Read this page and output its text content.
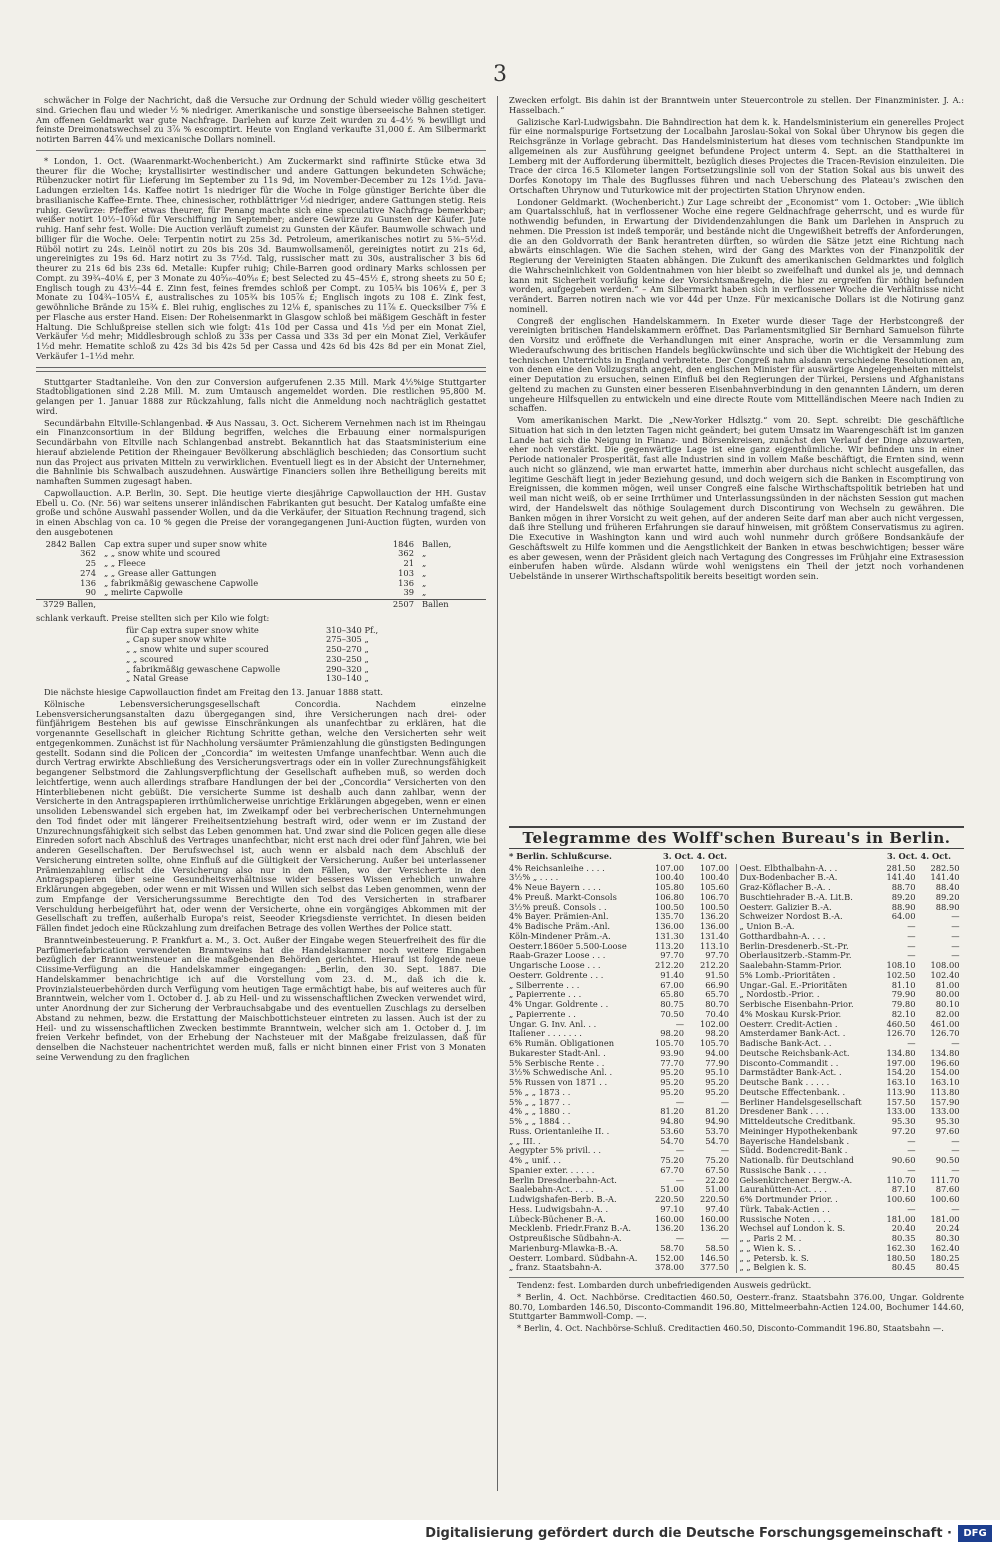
3

schwächer in Folge der Nachricht, daß die Versuche zur Ordnung der Schuld wieder völlig gescheitert sind. Griechen flau und wieder ½ % niedriger. Amerikanische und sonstige überseeische Bahnen stetiger. Am offenen Geldmarkt war gute Nachfrage. Darlehen auf kurze Zeit wurden zu 4–4½ % bewilligt und feinste Dreimonatswechsel zu 3⅞ % escomptirt. Heute von England verkaufte 31,000 £. Am Silbermarkt notirten Barren 44⅞ und mexicanische Dollars nominell.

* London, 1. Oct. (Waarenmarkt-Wochenbericht.) Am Zuckermarkt sind raffinirte Stücke etwa 3d theurer für die Woche; krystallisirter westindischer und andere Gattungen bekundeten Schwäche; Rübenzucker notirt für Lieferung im September zu 11s 9d, im November-December zu 12s 1½d. Java-Ladungen erzielten 14s. Kaffee notirt 1s niedriger für die Woche in Folge günstiger Berichte über die brasilianische Kaffee-Ernte. Thee, chinesischer, rothblättriger ½d niedriger, andere Gattungen stetig. Reis ruhig. Gewürze: Pfeffer etwas theurer, für Penang machte sich eine speculative Nachfrage bemerkbar; weißer notirt 10½–10⅝d für Verschiffung im September; andere Gewürze zu Gunsten der Käufer. Jute ruhig. Hanf sehr fest. Wolle: Die Auction verläuft zumeist zu Gunsten der Käufer. Baumwolle schwach und billiger für die Woche. Oele: Terpentin notirt zu 25s 3d. Petroleum, amerikanisches notirt zu 5⅜–5½d. Rüböl notirt zu 24s. Leinöl notirt zu 20s bis 20s 3d. Baumwollsamenöl, gereinigtes notirt zu 21s 6d, ungereinigtes zu 19s 6d. Harz notirt zu 3s 7½d. Talg, russischer matt zu 30s, australischer 3 bis 6d theurer zu 21s 6d bis 23s 6d. Metalle: Kupfer ruhig; Chile-Barren good ordinary Marks schlossen per Compt. zu 39¾–40⅛ £, per 3 Monate zu 40⁵⁄₁₆–40⁹⁄₁₆ £; best Selected zu 45–45½ £, strong sheets zu 50 £; Englisch tough zu 43½–44 £. Zinn fest, feines fremdes schloß per Compt. zu 105¾ bis 106¼ £, per 3 Monate zu 104¾–105¼ £, australisches zu 105¾ bis 105⅞ £; Englisch ingots zu 108 £. Zink fest, gewöhnliche Brände zu 15¾ £. Blei ruhig, englisches zu 12⅛ £, spanisches zu 11⅞ £. Quecksilber 7⅝ £ per Flasche aus erster Hand. Eisen: Der Roheisenmarkt in Glasgow schloß bei mäßigem Geschäft in fester Haltung. Die Schlußpreise stellen sich wie folgt: 41s 10d per Cassa und 41s ½d per ein Monat Ziel, Verkäufer ½d mehr; Middlesbrough schloß zu 33s per Cassa und 33s 3d per ein Monat Ziel, Verkäufer 1½d mehr. Hematite schloß zu 42s 3d bis 42s 5d per Cassa und 42s 6d bis 42s 8d per ein Monat Ziel, Verkäufer 1–1½d mehr.

Stuttgarter Stadtanleihe. Von den zur Conversion aufgerufenen 2.35 Mill. Mark 4½%ige Stuttgarter Stadtobligationen sind 2.28 Mill. M. zum Umtausch angemeldet worden. Die restlichen 95,800 M. gelangen per 1. Januar 1888 zur Rückzahlung, falls nicht die Anmeldung noch nachträglich gestattet wird.

Secundärbahn Eltville-Schlangenbad. ✠ Aus Nassau, 3. Oct. Sicherem Vernehmen nach ist im Rheingau ein Finanzconsortium in der Bildung begriffen, welches die Erbauung einer normalspurigen Secundärbahn von Eltville nach Schlangenbad anstrebt. Bekanntlich hat das Staatsministerium eine hierauf abzielende Petition der Rheingauer Bevölkerung abschläglich beschieden; das Consortium sucht nun das Project aus privaten Mitteln zu verwirklichen. Eventuell liegt es in der Absicht der Unternehmer, die Bahnlinie bis Schwalbach auszudehnen. Auswärtige Financiers sollen ihre Betheiligung bereits mit namhaften Summen zugesagt haben.

Capwollauction. A.P. Berlin, 30. Sept. Die heutige vierte diesjährige Capwollauction der HH. Gustav Ebell u. Co. (Nr. 56) war seitens unserer inländischen Fabrikanten gut besucht. Der Katalog umfaßte eine große und schöne Auswahl passender Wollen, und da die Verkäufer, der Situation Rechnung tragend, sich in einen Abschlag von ca. 10 % gegen die Preise der vorangegangenen Juni-Auction fügten, wurden von den ausgebotenen

2842 Ballen Cap extra super und super snow white	1846 Ballen,
362 „ „ snow white und scoured	362 „
25 „ „ Fleece	21 „
274 „ „ Grease aller Gattungen	103 „
136 „ fabrikmäßig gewaschene Capwolle	136 „
90 „ melirte Capwolle	39 „
3729 Ballen,	2507 Ballen

schlank verkauft. Preise stellten sich per Kilo wie folgt:

für Cap extra super snow white	310–340 Pf.,
„ Cap super snow white	275–305 „
„ „ snow white und super scoured	250–270 „
„ „ scoured	230–250 „
„ fabrikmäßig gewaschene Capwolle	290–320 „
„ Natal Grease	130–140 „

Die nächste hiesige Capwollauction findet am Freitag den 13. Januar 1888 statt.

Kölnische Lebensversicherungsgesellschaft Concordia. Nachdem einzelne Lebensversicherungsanstalten dazu übergegangen sind, ihre Versicherungen nach drei- oder fünfjährigem Bestehen bis auf gewisse Einschränkungen als unanfechtbar zu erklären, hat die vorgenannte Gesellschaft in gleicher Richtung Schritte gethan, welche den Versicherten sehr weit entgegenkommen. Zunächst ist für Nachholung versäumter Prämienzahlung die günstigsten Bedingungen gestellt. Sodann sind die Policen der „Concordia“ im weitesten Umfange unanfechtbar. Wenn auch die durch Vertrag erwirkte Abschließung des Versicherungsvertrags oder ein in voller Zurechnungsfähigkeit begangener Selbstmord die Zahlungsverpflichtung der Gesellschaft aufheben muß, so werden doch leichtfertige, wenn auch allerdings strafbare Handlungen der bei der „Concordia“ Versicherten von den Hinterbliebenen nicht gebüßt. Die versicherte Summe ist deshalb auch dann zahlbar, wenn der Versicherte in den Antragspapieren irrthümlicherweise unrichtige Erklärungen abgegeben, wenn er einen unsoliden Lebenswandel sich ergeben hat, im Zweikampf oder bei verbrecherischen Unternehmungen den Tod findet oder mit längerer Freiheitsentziehung bestraft wird, oder wenn er im Zustand der Unzurechnungsfähigkeit sich selbst das Leben genommen hat. Und zwar sind die Policen gegen alle diese Einreden sofort nach Abschluß des Vertrages unanfechtbar, nicht erst nach drei oder fünf Jahren, wie bei anderen Gesellschaften. Der Berufswechsel ist, auch wenn er alsbald nach dem Abschluß der Versicherung eintreten sollte, ohne Einfluß auf die Gültigkeit der Versicherung. Außer bei unterlassener Prämienzahlung erlischt die Versicherung also nur in den Fällen, wo der Versicherte in den Antragspapieren über seine Gesundheitsverhältnisse wider besseres Wissen erheblich unwahre Erklärungen abgegeben, oder wenn er mit Wissen und Willen sich selbst das Leben genommen, wenn der zum Empfange der Versicherungssumme Berechtigte den Tod des Versicherten in strafbarer Verschuldung herbeigeführt hat, oder wenn der Versicherte, ohne ein vorgängiges Abkommen mit der Gesellschaft zu treffen, außerhalb Europa's reist, Seeoder Kriegsdienste verrichtet. In diesen beiden Fällen findet jedoch eine Rückzahlung zum dreifachen Betrage des vollen Werthes der Police statt.

Branntweinbesteuerung. P. Frankfurt a. M., 3. Oct. Außer der Eingabe wegen Steuerfreiheit des für die Parfümeriefabrication verwendeten Branntweins hat die Handelskammer noch weitere Eingaben bezüglich der Branntweinsteuer an die maßgebenden Behörden gerichtet. Hierauf ist folgende neue Ciissime-Verfügung an die Handelskammer eingegangen: „Berlin, den 30. Sept. 1887. Die Handelskammer benachrichtige ich auf die Vorstellung vom 23. d. M., daß ich die k. Provinzialsteuerbehörden durch Verfügung vom heutigen Tage ermächtigt habe, bis auf weiteres auch für Branntwein, welcher vom 1. October d. J. ab zu Heil- und zu wissenschaftlichen Zwecken verwendet wird, unter Anordnung der zur Sicherung der Verbrauchsabgabe und des eventuellen Zuschlags zu derselben Abstand zu nehmen, bezw. die Erstattung der Maischbottichsteuer eintreten zu lassen. Auch ist der zu Heil- und zu wissenschaftlichen Zwecken bestimmte Branntwein, welcher sich am 1. October d. J. im freien Verkehr befindet, von der Erhebung der Nachsteuer mit der Maßgabe freizulassen, daß für denselben die Nachsteuer nachentrichtet werden muß, falls er nicht binnen einer Frist von 3 Monaten seine Verwendung zu den fraglichen

Zwecken erfolgt. Bis dahin ist der Branntwein unter Steuercontrole zu stellen. Der Finanzminister. J. A.: Hasselbach.“

Galizische Karl-Ludwigsbahn. Die Bahndirection hat dem k. k. Handelsministerium ein generelles Project für eine normalspurige Fortsetzung der Localbahn Jaroslau-Sokal von Sokal über Uhrynow bis gegen die Reichsgränze in Vorlage gebracht. Das Handelsministerium hat dieses vom technischen Standpunkte im allgemeinen als zur Ausführung geeignet befundene Project unterm 4. Sept. an die Statthalterei in Lemberg mit der Aufforderung übermittelt, bezüglich dieses Projectes die Tracen-Revision einzuleiten. Die Trace der circa 16.5 Kilometer langen Fortsetzungslinie soll von der Station Sokal aus bis unweit des Dorfes Konotopy im Thale des Bugflusses führen und nach Ueberschung des Plateau's zwischen den Ortschaften Uhrynow und Tuturkowice mit der projectirten Station Uhrynow enden.

Londoner Geldmarkt. (Wochenbericht.) Zur Lage schreibt der „Economist“ vom 1. October: „Wie üblich am Quartalsschluß, hat in verflossener Woche eine regere Geldnachfrage geherrscht, und es wurde für nothwendig befunden, in Erwartung der Dividendenzahlungen die Bank um Darlehen in Anspruch zu nehmen. Die Pression ist indeß temporär, und bestände nicht die Ungewißheit betreffs der Anforderungen, die an den Goldvorrath der Bank herantreten dürften, so würden die Sätze jetzt eine Richtung nach abwärts einschlagen. Wie die Sachen stehen, wird der Gang des Marktes von der Finanzpolitik der Regierung der Vereinigten Staaten abhängen. Die Zukunft des amerikanischen Geldmarktes und folglich die Wahrscheinlichkeit von Goldentnahmen von hier bleibt so zweifelhaft und dunkel als je, und demnach kann mit Sicherheit vorläufig keine der Vorsichtsmaßregeln, die hier zu ergreifen für nöthig befunden worden, aufgegeben werden.“ – Am Silbermarkt haben sich in verflossener Woche die Verhältnisse nicht verändert. Barren notiren nach wie vor 44d per Unze. Für mexicanische Dollars ist die Notirung ganz nominell.

Congreß der englischen Handelskammern. In Exeter wurde dieser Tage der Herbstcongreß der vereinigten britischen Handelskammern eröffnet. Das Parlamentsmitglied Sir Bernhard Samuelson führte den Vorsitz und eröffnete die Verhandlungen mit einer Ansprache, worin er die Versammlung zum Wiederaufschwung des britischen Handels beglückwünschte und sich über die Wichtigkeit der Hebung des technischen Unterrichts in England verbreitete. Der Congreß nahm alsdann verschiedene Resolutionen an, von denen eine den Vollzugsrath angeht, den englischen Minister für auswärtige Angelegenheiten mittelst einer Deputation zu ersuchen, seinen Einfluß bei den Regierungen der Türkei, Persiens und Afghanistans geltend zu machen zu Gunsten einer besseren Eisenbahnverbindung in den genannten Ländern, um deren ungeheure Hilfsquellen zu entwickeln und eine directe Route vom Mittelländischen Meere nach Indien zu schaffen.

Vom amerikanischen Markt. Die „New-Yorker Hdlsztg.“ vom 20. Sept. schreibt: Die geschäftliche Situation hat sich in den letzten Tagen nicht geändert; bei gutem Umsatz im Waarengeschäft ist im ganzen Lande hat sich die Neigung in Finanz- und Börsenkreisen, zunächst den Verlauf der Dinge abzuwarten, eher noch verstärkt. Die gegenwärtige Lage ist eine ganz eigenthümliche. Wir befinden uns in einer Periode nationaler Prosperität, fast alle Industrien sind in vollem Maße beschäftigt, die Ernten sind, wenn auch nicht so glänzend, wie man erwartet hatte, immerhin aber durchaus nicht schlecht ausgefallen, das legitime Geschäft liegt in jeder Beziehung gesund, und doch weigern sich die Banken in Escomptirung von Ereignissen, die kommen mögen, weil unser Congreß eine falsche Wirthschaftspolitik betrieben hat und weil man nicht weiß, ob er seine Irrthümer und Unterlassungssünden in der nächsten Session gut machen wird, der Handelswelt das nöthige Soulagement durch Discontirung von Wechseln zu gewähren. Die Banken mögen in ihrer Vorsicht zu weit gehen, auf der anderen Seite darf man aber auch nicht vergessen, daß ihre Stellung und früheren Erfahrungen sie darauf hinweisen, mit größtem Conservatismus zu agiren. Die Executive in Washington kann und wird auch wohl nunmehr durch größere Bondsankäufe der Geschäftswelt zu Hilfe kommen und die Aengstlichkeit der Banken in etwas beschwichtigen; besser wäre es aber gewesen, wenn der Präsident gleich nach Vertagung des Congresses im Frühjahr eine Extrasession einberufen haben würde. Alsdann würde wohl wenigstens ein Theil der jetzt noch vorhandenen Uebelstände in unserer Wirthschaftspolitik bereits beseitigt worden sein.

Telegramme des Wolff'schen Bureau's in Berlin.
* Berlin. Schlußcurse.	3. Oct. 4. Oct.	3. Oct. 4. Oct.
4% Reichsanleihe . . . .	107.00	107.00
3½% „ . . . .	100.40	100.40
4% Neue Bayern . . . .	105.80	105.60
4% Preuß. Markt-Consols	106.80	106.70
3½% preuß. Consols . .	100.50	100.50
4% Bayer. Prämien-Anl.	135.70	136.20
4% Badische Präm.-Anl.	136.00	136.00
Köln-Mindener Präm.-A.	131.30	131.40
Oesterr.1860er 5.500-Loose	113.20	113.10
Raab-Grazer Loose . . .	97.70	97.70
Ungarische Loose . . .	212.20	212.20
Oesterr. Goldrente . . .	91.40	91.50
„ Silberrente . . .	67.00	66.90
„ Papierrente . . .	65.80	65.70
4% Ungar. Goldrente . .	80.75	80.70
„ Papierrente . .	70.50	70.40
Ungar. G. Inv. Anl. . .	—	102.00
Italiener . . . . . . .	98.20	98.20
6% Rumän. Obligationen	105.70	105.70
Bukarester Stadt-Anl. .	93.90	94.00
5% Serbische Rente . .	77.70	77.90
3½% Schwedische Anl. .	95.20	95.10
5% Russen von 1871 . .	95.20	95.20
5% „ „ 1873 . .	95.20	95.20
5% „ „ 1877 . .	—	—
4% „ „ 1880 . .	81.20	81.20
5% „ „ 1884 . .	94.80	94.90
Russ. Orientanleihe II. .	53.60	53.70
„ „ III. .	54.70	54.70
Aegypter 5% privil. . .	—	—
4% „ unif. . .	75.20	75.20
Spanier exter. . . . . .	67.70	67.50
Berlin Dresdnerbahn-Act.	—	22.20
Saalebahn-Act. . . . .	51.00	51.00
Ludwigshafen-Berb. B.-A.	220.50	220.50
Hess. Ludwigsbahn-A. .	97.10	97.40
Lübeck-Büchener B.-A.	160.00	160.00
Mecklenb. Friedr.Franz B.-A.	136.20	136.20
Ostpreußische Südbahn-A.	—	—
Marienburg-Mlawka-B.-A.	58.70	58.50
Oesterr. Lombard. Südbahn-A.	152.00	146.50
„ franz. Staatsbahn-A.	378.00	377.50
Oest. Elbthalbahn-A. . .	281.50	282.50
Dux-Bodenbacher B.-A.	141.40	141.40
Graz-Köflacher B.-A. .	88.70	88.40
Buschtiehrader B.-A. Lit.B.	89.20	89.20
Oesterr. Galizier B.-A.	88.90	88.90
Schweizer Nordost B.-A.	64.00	—
„ Union B.-A.	—	—
Gotthardbahn-A. . . .	—	—
Berlin-Dresdenerb.-St.-Pr.	—	—
Oberlausitzerb.-Stamm-Pr.	—	—
Saalebahn-Stamm-Prior.	108.10	108.00
5% Lomb.-Prioritäten .	102.50	102.40
Ungar.-Gal. E.-Prioritäten	81.10	81.00
„ Nordostb.-Prior. .	79.90	80.00
Serbische Eisenbahn-Prior.	79.80	80.10
4% Moskau Kursk-Prior.	82.10	82.00
Oesterr. Credit-Actien .	460.50	461.00
Amsterdamer Bank-Act. .	126.70	126.70
Badische Bank-Act. . .	—	—
Deutsche Reichsbank-Act.	134.80	134.80
Disconto-Commandit . .	197.00	196.60
Darmstädter Bank-Act. .	154.20	154.00
Deutsche Bank . . . . .	163.10	163.10
Deutsche Effectenbank. .	113.90	113.80
Berliner Handelsgesellschaft	157.50	157.90
Dresdener Bank . . . .	133.00	133.00
Mitteldeutsche Creditbank.	95.30	95.30
Meininger Hypothekenbank	97.20	97.60
Bayerische Handelsbank .	—	—
Südd. Bodencredit-Bank .	—	—
Nationalb. für Deutschland	90.60	90.50
Russische Bank . . . .	—	—
Gelsenkirchener Bergw.-A.	110.70	111.70
Laurahütten-Act. . . .	87.10	87.60
6% Dortmunder Prior. .	100.60	100.60
Türk. Tabak-Actien . .	—	—
Russische Noten . . . .	181.00	181.00
Wechsel auf London k. S.	20.40	20.24
„ „ Paris 2 M. .	80.35	80.30
„ „ Wien k. S. .	162.30	162.40
„ „ Petersb. k. S.	180.50	180.25
„ „ Belgien k. S.	80.45	80.45

Tendenz: fest. Lombarden durch unbefriedigenden Ausweis gedrückt.

* Berlin, 4. Oct. Nachbörse. Creditactien 460.50, Oesterr.-franz. Staatsbahn 376.00, Ungar. Goldrente 80.70, Lombarden 146.50, Disconto-Commandit 196.80, Mittelmeerbahn-Actien 124.00, Bochumer 144.60, Stuttgarter Bammwoll-Comp. —.

* Berlin, 4. Oct. Nachbörse-Schluß. Creditactien 460.50, Disconto-Commandit 196.80, Staatsbahn —.

Digitalisierung gefördert durch die Deutsche Forschungsgemeinschaft ·	DFG
